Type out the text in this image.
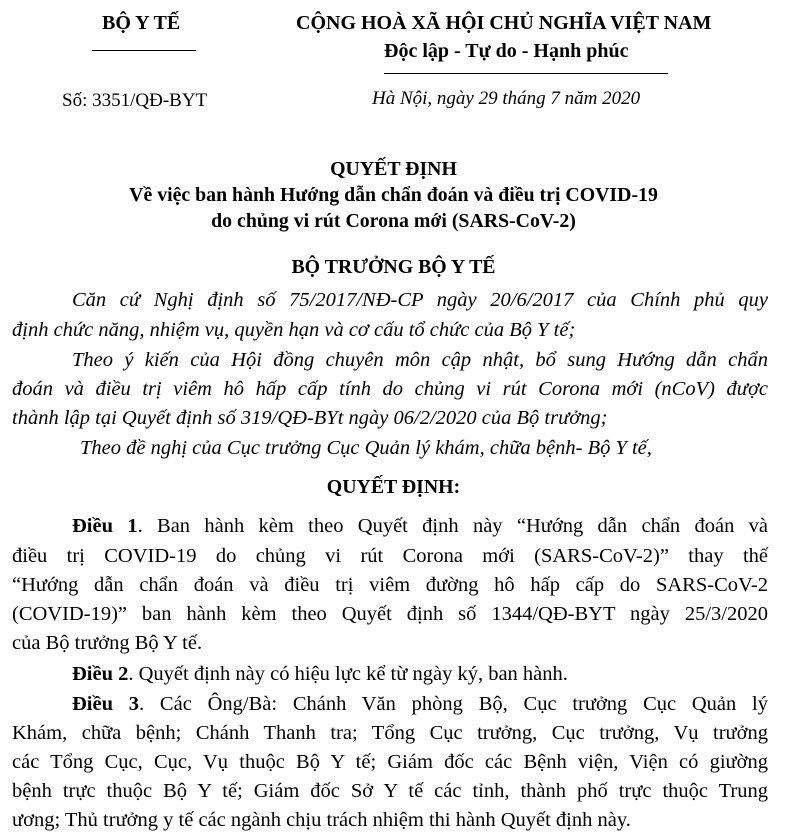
BỘ Y TẾ	CỘNG HOÀ XÃ HỘI CHỦ NGHĨA VIỆT NAM
Độc lập - Tự do - Hạnh phúc
Số: 3351/QĐ-BYT	Hà Nội, ngày 29 tháng 7 năm 2020
QUYẾT ĐỊNH
Về việc ban hành Hướng dẫn chẩn đoán và điều trị COVID-19
do chủng vi rút Corona mới (SARS-CoV-2)
BỘ TRƯỞNG BỘ Y TẾ
Căn cứ Nghị định số 75/2017/NĐ-CP ngày 20/6/2017 của Chính phủ quy
định chức năng, nhiệm vụ, quyền hạn và cơ cấu tổ chức của Bộ Y tế;
Theo ý kiến của Hội đồng chuyên môn cập nhật, bổ sung Hướng dẫn chẩn
đoán và điều trị viêm hô hấp cấp tính do chủng vi rút Corona mới (nCoV) được
thành lập tại Quyết định số 319/QĐ-BYt ngày 06/2/2020 của Bộ trưởng;
Theo đề nghị của Cục trưởng Cục Quản lý khám, chữa bệnh- Bộ Y tế,
QUYẾT ĐỊNH:
Điều 1. Ban hành kèm theo Quyết định này “Hướng dẫn chẩn đoán và
điều trị COVID-19 do chủng vi rút Corona mới (SARS-CoV-2)” thay thế
“Hướng dẫn chẩn đoán và điều trị viêm đường hô hấp cấp do SARS-CoV-2
(COVID-19)” ban hành kèm theo Quyết định số 1344/QĐ-BYT ngày 25/3/2020
của Bộ trưởng Bộ Y tế.
Điều 2. Quyết định này có hiệu lực kể từ ngày ký, ban hành.
Điều 3. Các Ông/Bà: Chánh Văn phòng Bộ, Cục trưởng Cục Quản lý
Khám, chữa bệnh; Chánh Thanh tra; Tổng Cục trưởng, Cục trưởng, Vụ trưởng
các Tổng Cục, Cục, Vụ thuộc Bộ Y tế; Giám đốc các Bệnh viện, Viện có giường
bệnh trực thuộc Bộ Y tế; Giám đốc Sở Y tế các tỉnh, thành phố trực thuộc Trung
ương; Thủ trưởng y tế các ngành chịu trách nhiệm thi hành Quyết định này.
